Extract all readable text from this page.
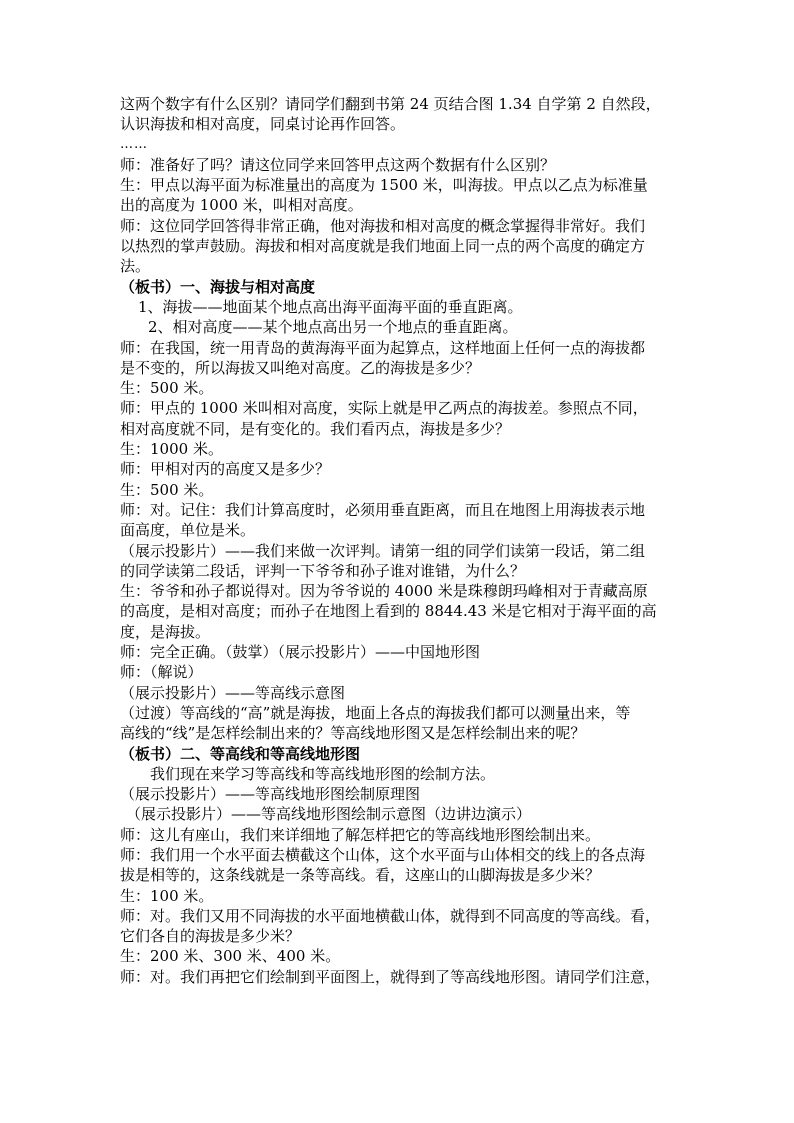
这两个数字有什么区别？请同学们翻到书第 24 页结合图 1.34 自学第 2 自然段，
认识海拔和相对高度，同桌讨论再作回答。
……
师：准备好了吗？请这位同学来回答甲点这两个数据有什么区别？
生：甲点以海平面为标准量出的高度为 1500 米，叫海拔。甲点以乙点为标准量
出的高度为 1000 米，叫相对高度。
师：这位同学回答得非常正确，他对海拔和相对高度的概念掌握得非常好。我们
以热烈的掌声鼓励。海拔和相对高度就是我们地面上同一点的两个高度的确定方
法。
（板书）一、海拔与相对高度
1、海拔——地面某个地点高出海平面海平面的垂直距离。
2、相对高度——某个地点高出另一个地点的垂直距离。
师：在我国，统一用青岛的黄海海平面为起算点，这样地面上任何一点的海拔都
是不变的，所以海拔又叫绝对高度。乙的海拔是多少？
生：500 米。
师：甲点的 1000 米叫相对高度，实际上就是甲乙两点的海拔差。参照点不同，
相对高度就不同，是有变化的。我们看丙点，海拔是多少？
生：1000 米。
师：甲相对丙的高度又是多少？
生：500 米。
师：对。记住：我们计算高度时，必须用垂直距离，而且在地图上用海拔表示地
面高度，单位是米。
（展示投影片）——我们来做一次评判。请第一组的同学们读第一段话，第二组
的同学读第二段话，评判一下爷爷和孙子谁对谁错，为什么？
生：爷爷和孙子都说得对。因为爷爷说的 4000 米是珠穆朗玛峰相对于青藏高原
的高度，是相对高度；而孙子在地图上看到的 8844.43 米是它相对于海平面的高
度，是海拔。
师：完全正确。（鼓掌）（展示投影片）——中国地形图
师：（解说）
（展示投影片）——等高线示意图
（过渡）等高线的“高”就是海拔，地面上各点的海拔我们都可以测量出来，等
高线的“线”是怎样绘制出来的？等高线地形图又是怎样绘制出来的呢？
（板书）二、等高线和等高线地形图
我们现在来学习等高线和等高线地形图的绘制方法。
（展示投影片）——等高线地形图绘制原理图
（展示投影片）——等高线地形图绘制示意图（边讲边演示）
师：这儿有座山，我们来详细地了解怎样把它的等高线地形图绘制出来。
师：我们用一个水平面去横截这个山体，这个水平面与山体相交的线上的各点海
拔是相等的，这条线就是一条等高线。看，这座山的山脚海拔是多少米？
生：100 米。
师：对。我们又用不同海拔的水平面地横截山体，就得到不同高度的等高线。看，
它们各自的海拔是多少米？
生：200 米、300 米、400 米。
师：对。我们再把它们绘制到平面图上，就得到了等高线地形图。请同学们注意，
